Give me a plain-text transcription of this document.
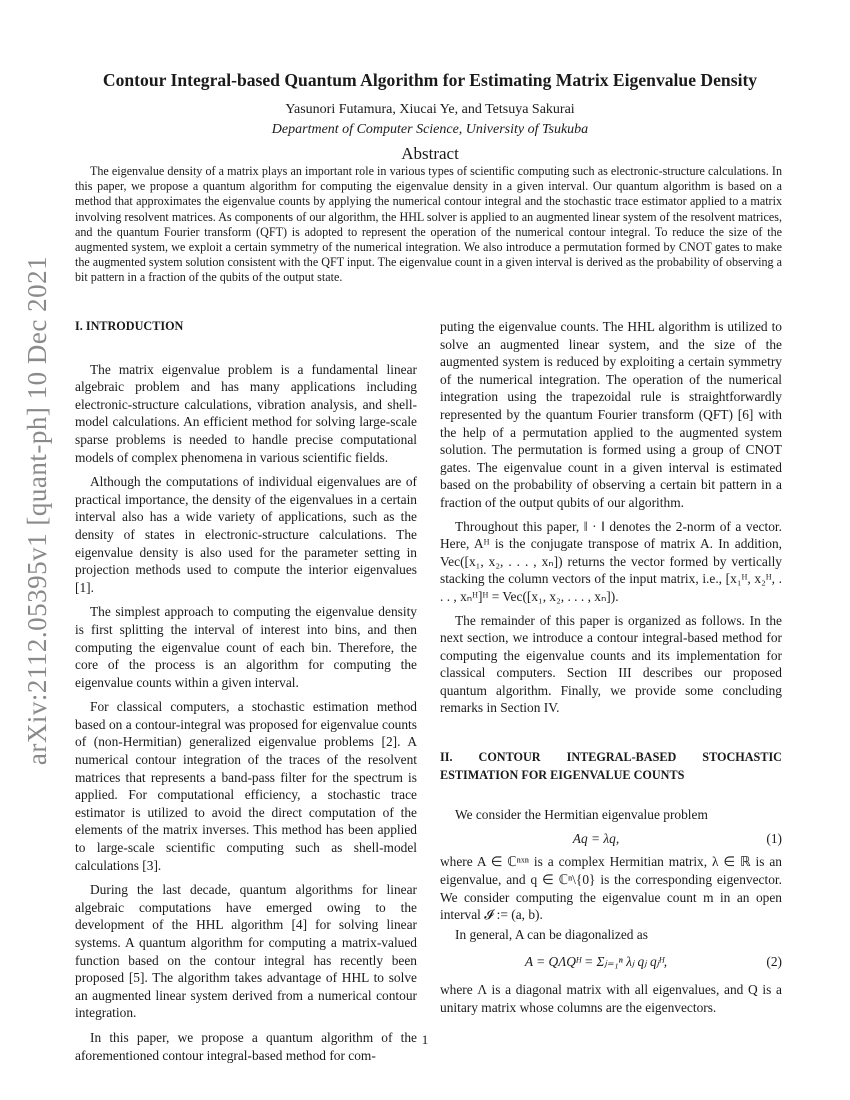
arXiv:2112.05395v1 [quant-ph] 10 Dec 2021
Contour Integral-based Quantum Algorithm for Estimating Matrix Eigenvalue Density
Yasunori Futamura, Xiucai Ye, and Tetsuya Sakurai
Department of Computer Science, University of Tsukuba
Abstract

The eigenvalue density of a matrix plays an important role in various types of scientific computing such as electronic-structure calculations. In this paper, we propose a quantum algorithm for computing the eigenvalue density in a given interval. Our quantum algorithm is based on a method that approximates the eigenvalue counts by applying the numerical contour integral and the stochastic trace estimator applied to a matrix involving resolvent matrices. As components of our algorithm, the HHL solver is applied to an augmented linear system of the resolvent matrices, and the quantum Fourier transform (QFT) is adopted to represent the operation of the numerical contour integral. To reduce the size of the augmented system, we exploit a certain symmetry of the numerical integration. We also introduce a permutation formed by CNOT gates to make the augmented system solution consistent with the QFT input. The eigenvalue count in a given interval is derived as the probability of observing a bit pattern in a fraction of the qubits of the output state.

I. INTRODUCTION

The matrix eigenvalue problem is a fundamental linear algebraic problem and has many applications including electronic-structure calculations, vibration analysis, and shell-model calculations. An efficient method for solving large-scale sparse problems is needed to handle precise computational models of complex phenomena in various scientific fields.

Although the computations of individual eigenvalues are of practical importance, the density of the eigenvalues in a certain interval also has a wide variety of applications, such as the density of states in electronic-structure calculations. The eigenvalue density is also used for the parameter setting in projection methods used to compute the interior eigenvalues [1].

The simplest approach to computing the eigenvalue density is first splitting the interval of interest into bins, and then computing the eigenvalue count of each bin. Therefore, the core of the process is an algorithm for computing the eigenvalue counts within a given interval.

For classical computers, a stochastic estimation method based on a contour-integral was proposed for eigenvalue counts of (non-Hermitian) generalized eigenvalue problems [2]. A numerical contour integration of the traces of the resolvent matrices that represents a band-pass filter for the spectrum is applied. For computational efficiency, a stochastic trace estimator is utilized to avoid the direct computation of the elements of the matrix inverses. This method has been applied to large-scale scientific computing such as shell-model calculations [3].

During the last decade, quantum algorithms for linear algebraic computations have emerged owing to the development of the HHL algorithm [4] for solving linear systems. A quantum algorithm for computing a matrix-valued function based on the contour integral has recently been proposed [5]. The algorithm takes advantage of HHL to solve an augmented linear system derived from a numerical contour integration.

In this paper, we propose a quantum algorithm of the aforementioned contour integral-based method for com-

puting the eigenvalue counts. The HHL algorithm is utilized to solve an augmented linear system, and the size of the augmented system is reduced by exploiting a certain symmetry of the numerical integration. The operation of the numerical integration using the trapezoidal rule is straightforwardly represented by the quantum Fourier transform (QFT) [6] with the help of a permutation applied to the augmented system solution. The permutation is formed using a group of CNOT gates. The eigenvalue count in a given interval is estimated based on the probability of observing a certain bit pattern in a fraction of the output qubits of our algorithm.

Throughout this paper, ‖ · ‖ denotes the 2-norm of a vector. Here, Aᴴ is the conjugate transpose of matrix A. In addition, Vec([x₁, x₂, . . . , xₙ]) returns the vector formed by vertically stacking the column vectors of the input matrix, i.e., [x₁ᴴ, x₂ᴴ, . . . , xₙᴴ]ᴴ = Vec([x₁, x₂, . . . , xₙ]).

The remainder of this paper is organized as follows. In the next section, we introduce a contour integral-based method for computing the eigenvalue counts and its implementation for classical computers. Section III describes our proposed quantum algorithm. Finally, we provide some concluding remarks in Section IV.

II. CONTOUR INTEGRAL-BASED STOCHASTIC ESTIMATION FOR EIGENVALUE COUNTS

We consider the Hermitian eigenvalue problem

Aq = λq,	(1)

where A ∈ ℂⁿˣⁿ is a complex Hermitian matrix, λ ∈ ℝ is an eigenvalue, and q ∈ ℂⁿ\{0} is the corresponding eigenvector. We consider computing the eigenvalue count m in an open interval 𝓘 := (a, b).

In general, A can be diagonalized as

A = QΛQᴴ = Σⱼ₌₁ⁿ λⱼ qⱼ qⱼᴴ,	(2)

where Λ is a diagonal matrix with all eigenvalues, and Q is a unitary matrix whose columns are the eigenvectors.

1
